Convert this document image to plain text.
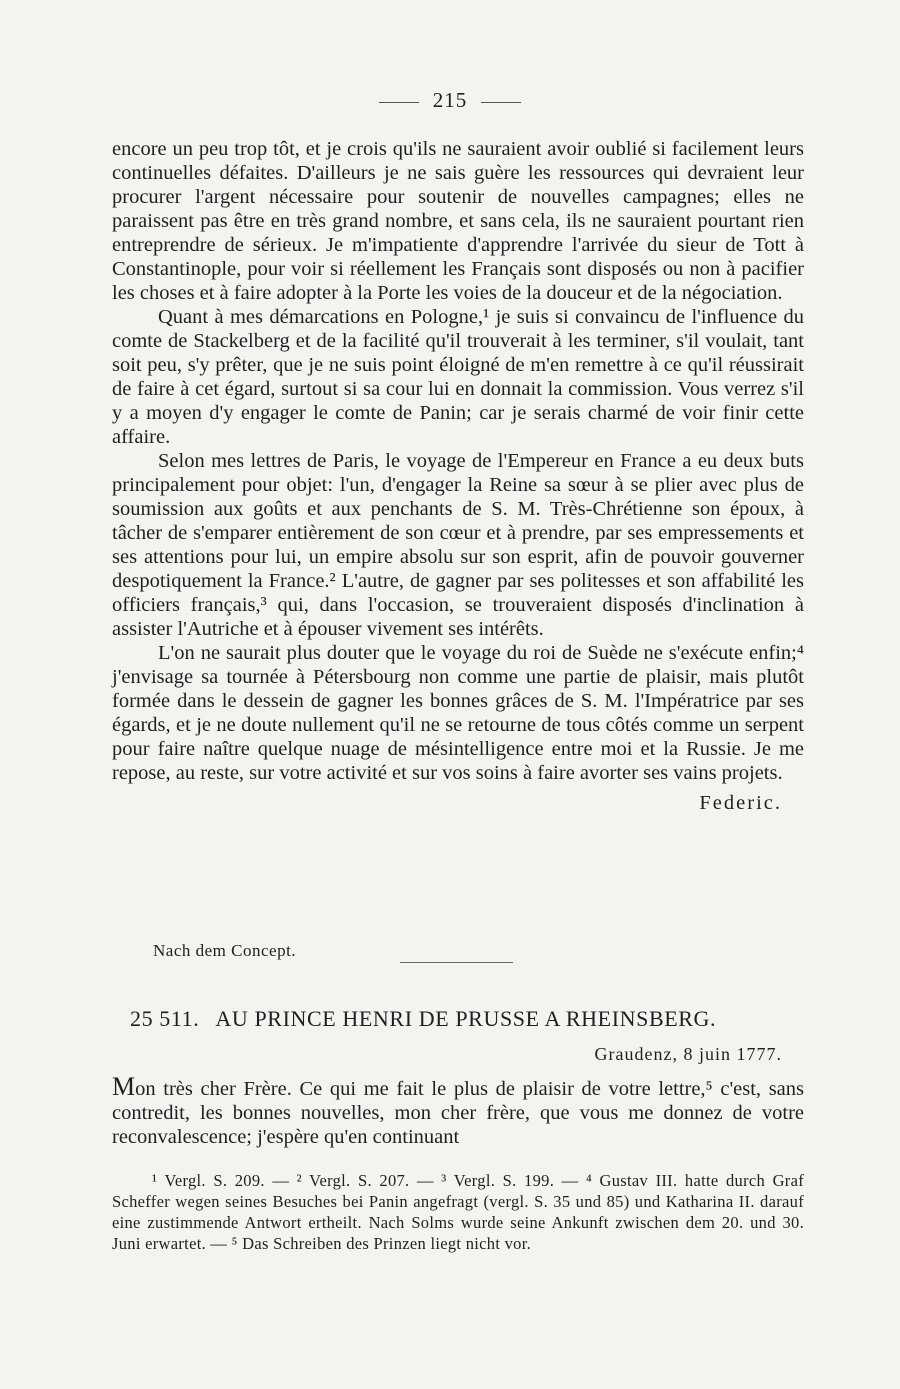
215

encore un peu trop tôt, et je crois qu'ils ne sauraient avoir oublié si facilement leurs continuelles défaites. D'ailleurs je ne sais guère les ressources qui devraient leur procurer l'argent nécessaire pour soutenir de nouvelles campagnes; elles ne paraissent pas être en très grand nombre, et sans cela, ils ne sauraient pourtant rien entreprendre de sérieux. Je m'impatiente d'apprendre l'arrivée du sieur de Tott à Constantinople, pour voir si réellement les Français sont disposés ou non à pacifier les choses et à faire adopter à la Porte les voies de la douceur et de la négociation.

Quant à mes démarcations en Pologne,¹ je suis si convaincu de l'influence du comte de Stackelberg et de la facilité qu'il trouverait à les terminer, s'il voulait, tant soit peu, s'y prêter, que je ne suis point éloigné de m'en remettre à ce qu'il réussirait de faire à cet égard, surtout si sa cour lui en donnait la commission. Vous verrez s'il y a moyen d'y engager le comte de Panin; car je serais charmé de voir finir cette affaire.

Selon mes lettres de Paris, le voyage de l'Empereur en France a eu deux buts principalement pour objet: l'un, d'engager la Reine sa sœur à se plier avec plus de soumission aux goûts et aux penchants de S. M. Très-Chrétienne son époux, à tâcher de s'emparer entièrement de son cœur et à prendre, par ses empressements et ses attentions pour lui, un empire absolu sur son esprit, afin de pouvoir gouverner despotiquement la France.² L'autre, de gagner par ses politesses et son affabilité les officiers français,³ qui, dans l'occasion, se trouveraient disposés d'inclination à assister l'Autriche et à épouser vivement ses intérêts.

L'on ne saurait plus douter que le voyage du roi de Suède ne s'exécute enfin;⁴ j'envisage sa tournée à Pétersbourg non comme une partie de plaisir, mais plutôt formée dans le dessein de gagner les bonnes grâces de S. M. l'Impératrice par ses égards, et je ne doute nullement qu'il ne se retourne de tous côtés comme un serpent pour faire naître quelque nuage de mésintelligence entre moi et la Russie. Je me repose, au reste, sur votre activité et sur vos soins à faire avorter ses vains projets.

Federic.
Nach dem Concept.
25 511. AU PRINCE HENRI DE PRUSSE A RHEINSBERG.
Graudenz, 8 juin 1777.

Mon très cher Frère. Ce qui me fait le plus de plaisir de votre lettre,⁵ c'est, sans contredit, les bonnes nouvelles, mon cher frère, que vous me donnez de votre reconvalescence; j'espère qu'en continuant

¹ Vergl. S. 209. — ² Vergl. S. 207. — ³ Vergl. S. 199. — ⁴ Gustav III. hatte durch Graf Scheffer wegen seines Besuches bei Panin angefragt (vergl. S. 35 und 85) und Katharina II. darauf eine zustimmende Antwort ertheilt. Nach Solms wurde seine Ankunft zwischen dem 20. und 30. Juni erwartet. — ⁵ Das Schreiben des Prinzen liegt nicht vor.
